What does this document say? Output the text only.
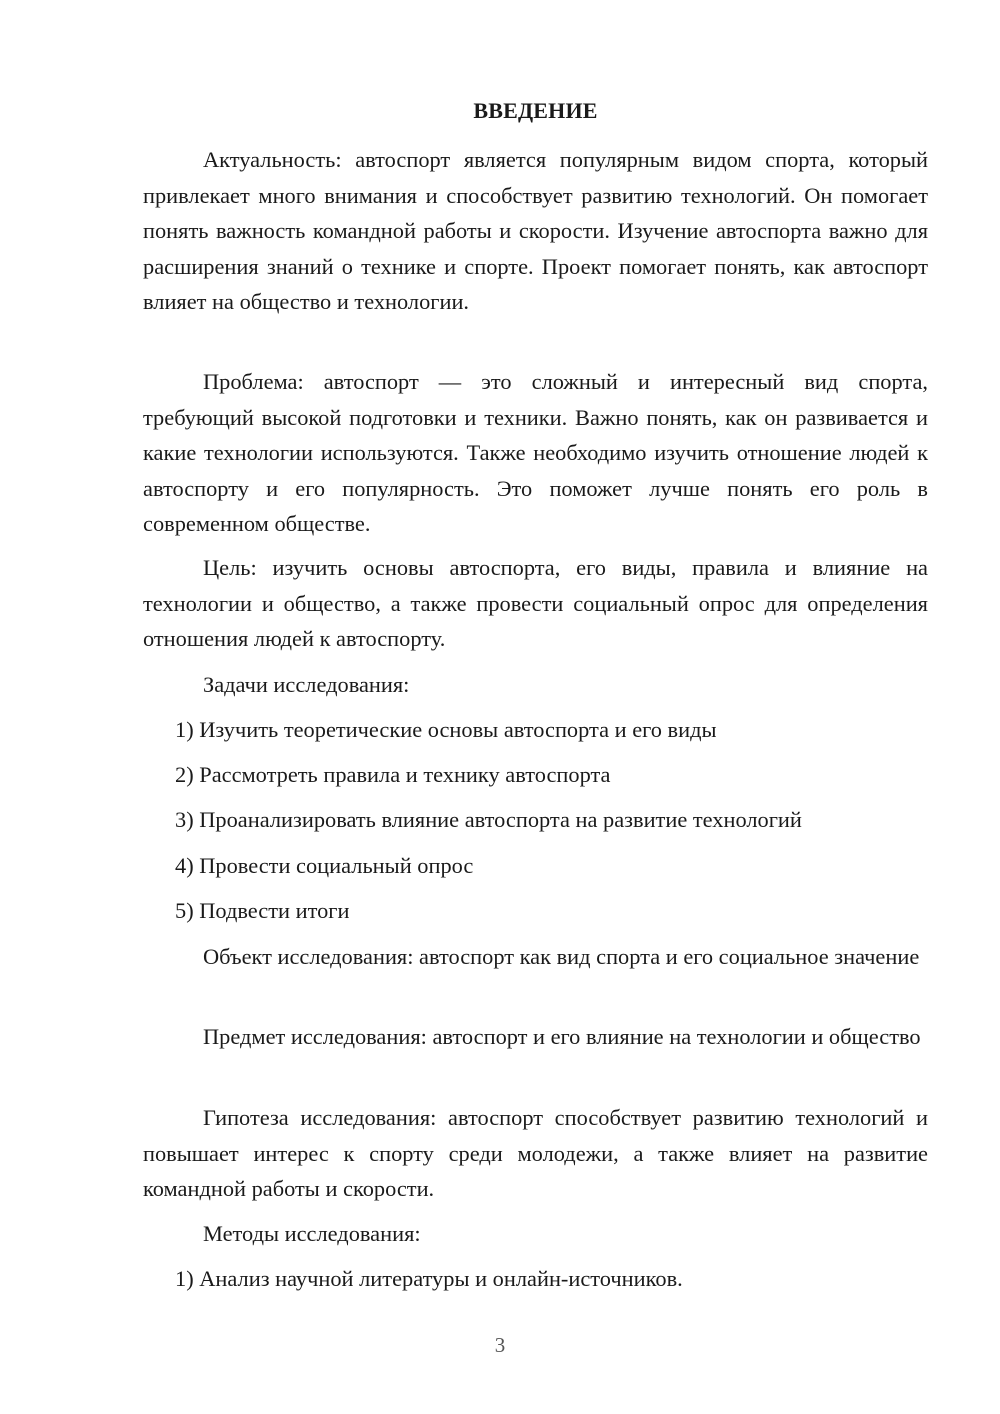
ВВЕДЕНИЕ

Актуальность: автоспорт является популярным видом спорта, который привлекает много внимания и способствует развитию технологий. Он помогает понять важность командной работы и скорости. Изучение автоспорта важно для расширения знаний о технике и спорте. Проект помогает понять, как автоспорт влияет на общество и технологии.

Проблема: автоспорт — это сложный и интересный вид спорта, требующий высокой подготовки и техники. Важно понять, как он развивается и какие технологии используются. Также необходимо изучить отношение людей к автоспорту и его популярность. Это поможет лучше понять его роль в современном обществе.

Цель: изучить основы автоспорта, его виды, правила и влияние на технологии и общество, а также провести социальный опрос для определения отношения людей к автоспорту.

Задачи исследования:

1) Изучить теоретические основы автоспорта и его виды

2) Рассмотреть правила и технику автоспорта

3) Проанализировать влияние автоспорта на развитие технологий

4) Провести социальный опрос

5) Подвести итоги

Объект исследования: автоспорт как вид спорта и его социальное значение

Предмет исследования: автоспорт и его влияние на технологии и общество

Гипотеза исследования: автоспорт способствует развитию технологий и повышает интерес к спорту среди молодежи, а также влияет на развитие командной работы и скорости.

Методы исследования:

1) Анализ научной литературы и онлайн-источников.

3
